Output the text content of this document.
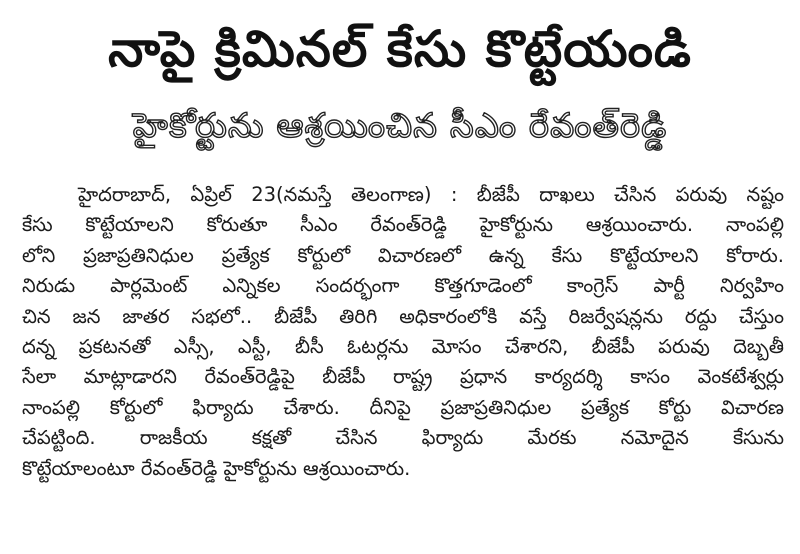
నాపై క్రిమినల్ కేసు కొట్టేయండి
హైకోర్టును ఆశ్రయించిన సీఎం రేవంత్‌రెడ్డి
హైదరాబాద్, ఏప్రిల్ 23(నమస్తే తెలంగాణ) : బీజేపీ దాఖలు చేసిన పరువు నష్టం
కేసు కొట్టేయాలని కోరుతూ సీఎం రేవంత్‌రెడ్డి హైకోర్టును ఆశ్రయించారు. నాంపల్లి
లోని ప్రజాప్రతినిధుల ప్రత్యేక కోర్టులో విచారణలో ఉన్న కేసు కొట్టేయాలని కోరారు.
నిరుడు పార్లమెంట్ ఎన్నికల సందర్భంగా కొత్తగూడెంలో కాంగ్రెస్ పార్టీ నిర్వహిం
చిన జన జాతర సభలో.. బీజేపీ తిరిగి అధికారంలోకి వస్తే రిజర్వేషన్లను రద్దు చేస్తుం
దన్న ప్రకటనతో ఎస్సీ, ఎస్టీ, బీసీ ఓటర్లను మోసం చేశారని, బీజేపీ పరువు దెబ్బతీ
సేలా మాట్లాడారని రేవంత్‌రెడ్డిపై బీజేపీ రాష్ట్ర ప్రధాన కార్యదర్శి కాసం వెంకటేశ్వర్లు
నాంపల్లి కోర్టులో ఫిర్యాదు చేశారు. దీనిపై ప్రజాప్రతినిధుల ప్రత్యేక కోర్టు విచారణ
చేపట్టింది. రాజకీయ కక్షతో చేసిన ఫిర్యాదు మేరకు నమోదైన కేసును
కొట్టేయాలంటూ రేవంత్‌రెడ్డి హైకోర్టును ఆశ్రయించారు.
